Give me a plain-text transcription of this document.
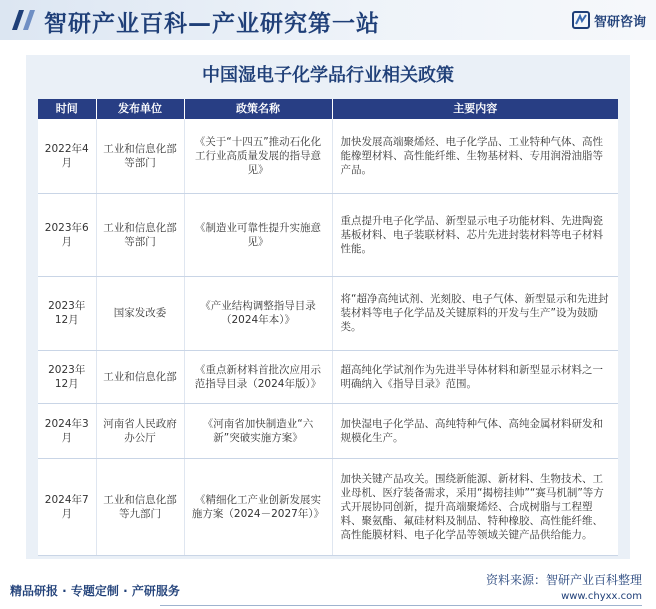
智研产业百科—产业研究第一站	智研咨询
中国湿电子化学品行业相关政策
时间	发布单位	政策名称	主要内容
2022年4月	工业和信息化部等部门	《关于“十四五”推动石化化工行业高质量发展的指导意见》	加快发展高端聚烯烃、电子化学品、工业特种气体、高性能橡塑材料、高性能纤维、生物基材料、专用润滑油脂等产品。
2023年6月	工业和信息化部等部门	《制造业可靠性提升实施意见》	重点提升电子化学品、新型显示电子功能材料、先进陶瓷基板材料、电子装联材料、芯片先进封装材料等电子材料性能。
2023年12月	国家发改委	《产业结构调整指导目录（2024年本）》	将“超净高纯试剂、光刻胶、电子气体、新型显示和先进封装材料等电子化学品及关键原料的开发与生产”设为鼓励类。
2023年12月	工业和信息化部	《重点新材料首批次应用示范指导目录（2024年版）》	超高纯化学试剂作为先进半导体材料和新型显示材料之一明确纳入《指导目录》范围。
2024年3月	河南省人民政府办公厅	《河南省加快制造业“六新”突破实施方案》	加快湿电子化学品、高纯特种气体、高纯金属材料研发和规模化生产。
2024年7月	工业和信息化部等九部门	《精细化工产业创新发展实施方案（2024－2027年）》	加快关键产品攻关。围绕新能源、新材料、生物技术、工业母机、医疗装备需求，采用“揭榜挂帅”“赛马机制”等方式开展协同创新，提升高端聚烯烃、合成树脂与工程塑料、聚氨酯、氟硅材料及制品、特种橡胶、高性能纤维、高性能膜材料、电子化学品等领域关键产品供给能力。
精品研报 · 专题定制 · 产研服务
资料来源：智研产业百科整理
www.chyxx.com
